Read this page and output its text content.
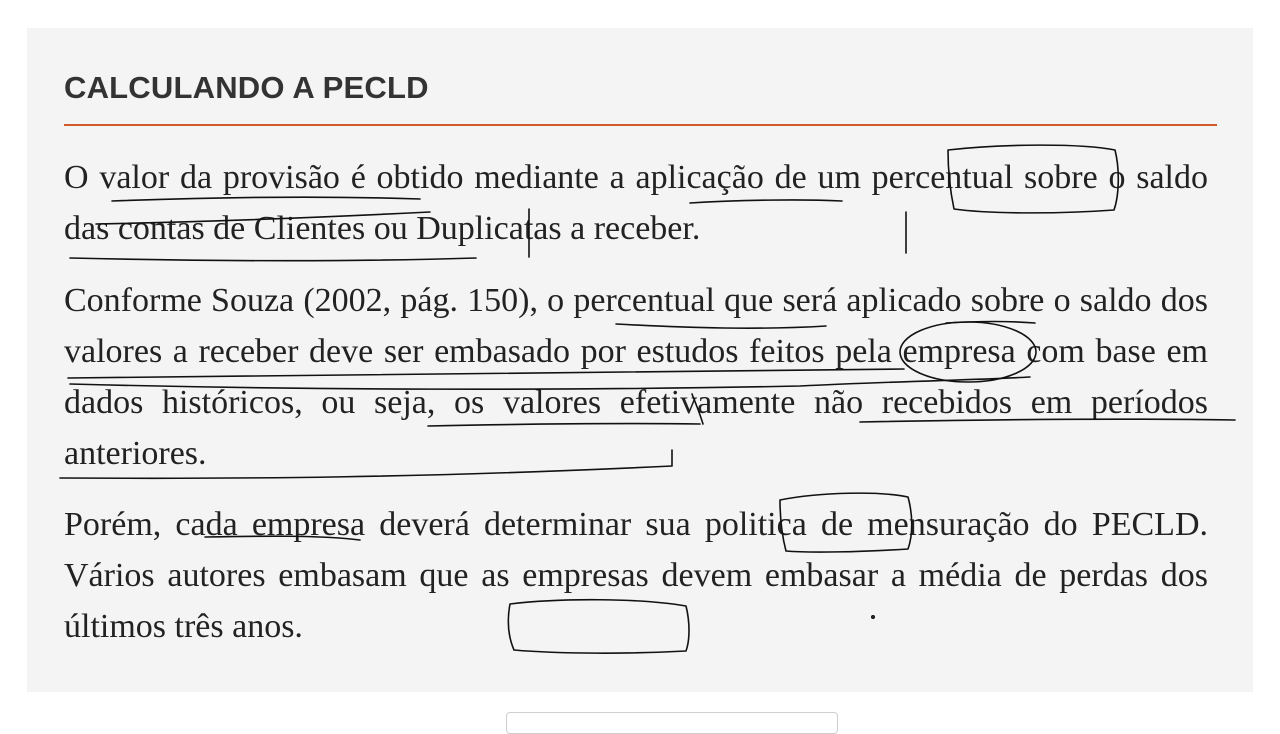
CALCULANDO A PECLD

O valor da provisão é obtido mediante a aplicação de um percentual sobre o saldo das contas de Clientes ou Duplicatas a receber.

Conforme Souza (2002, pág. 150), o percentual que será aplicado sobre o saldo dos valores a receber deve ser embasado por estudos feitos pela empresa com base em dados históricos, ou seja, os valores efetivamente não recebidos em períodos anteriores.

Porém, cada empresa deverá determinar sua politica de mensuração do PECLD. Vários autores embasam que as empresas devem embasar a média de perdas dos últimos três anos.
